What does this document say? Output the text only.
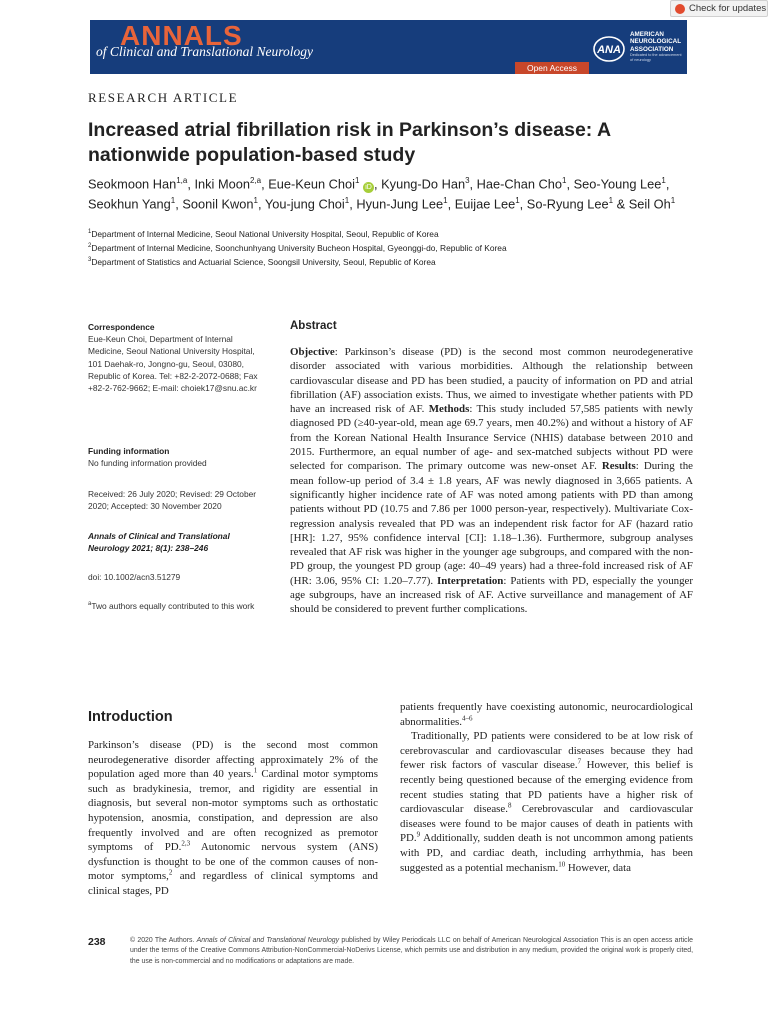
ANNALS
of Clinical and Translational Neurology
Open Access
ANA
AMERICAN NEUROLOGICAL ASSOCIATION
Dedicated to the advancement of neurology
Check for updates
RESEARCH ARTICLE
Increased atrial fibrillation risk in Parkinson’s disease: A nationwide population-based study

Seokmoon Han$^{1,a}$, Inki Moon$^{2,a}$, Eue-Keun Choi$^1$ iD , Kyung-Do Han$^3$, Hae-Chan Cho$^1$, Seo-Young Lee$^1$, Seokhun Yang$^1$, Soonil Kwon$^1$, You-jung Choi$^1$, Hyun-Jung Lee$^1$, Euijae Lee$^1$, So-Ryung Lee$^1$ & Seil Oh$^1$

$^1$Department of Internal Medicine, Seoul National University Hospital, Seoul, Republic of Korea
$^2$Department of Internal Medicine, Soonchunhyang University Bucheon Hospital, Gyeonggi-do, Republic of Korea
$^3$Department of Statistics and Actuarial Science, Soongsil University, Seoul, Republic of Korea
Correspondence
Eue-Keun Choi, Department of Internal Medicine, Seoul National University Hospital, 101 Daehak-ro, Jongno-gu, Seoul, 03080, Republic of Korea. Tel: +82-2-2072-0688; Fax +82-2-762-9662; E-mail: choiek17@snu.ac.kr
Funding information
No funding information provided
Received: 26 July 2020; Revised: 29 October 2020; Accepted: 30 November 2020
Annals of Clinical and Translational Neurology 2021; 8(1): 238–246
doi: 10.1002/acn3.51279
$^a$Two authors equally contributed to this work
Abstract

Objective: Parkinson’s disease (PD) is the second most common neurodegenerative disorder associated with various morbidities. Although the relationship between cardiovascular disease and PD has been studied, a paucity of information on PD and atrial fibrillation (AF) association exists. Thus, we aimed to investigate whether patients with PD have an increased risk of AF. Methods: This study included 57,585 patients with newly diagnosed PD (≥40-year-old, mean age 69.7 years, men 40.2%) and without a history of AF from the Korean National Health Insurance Service (NHIS) database between 2010 and 2015. Furthermore, an equal number of age- and sex-matched subjects without PD were selected for comparison. The primary outcome was new-onset AF. Results: During the mean follow-up period of 3.4 ± 1.8 years, AF was newly diagnosed in 3,665 patients. A significantly higher incidence rate of AF was noted among patients with PD than among patients without PD (10.75 and 7.86 per 1000 person-year, respectively). Multivariate Cox-regression analysis revealed that PD was an independent risk factor for AF (hazard ratio [HR]: 1.27, 95% confidence interval [CI]: 1.18–1.36). Furthermore, subgroup analyses revealed that AF risk was higher in the younger age subgroups, and compared with the non-PD group, the youngest PD group (age: 40–49 years) had a three-fold increased risk of AF (HR: 3.06, 95% CI: 1.20–7.77). Interpretation: Patients with PD, especially the younger age subgroups, have an increased risk of AF. Active surveillance and management of AF should be considered to prevent further complications.

Introduction

Parkinson’s disease (PD) is the second most common neurodegenerative disorder affecting approximately 2% of the population aged more than 40 years.$^1$ Cardinal motor symptoms such as bradykinesia, tremor, and rigidity are essential in diagnosis, but several non-motor symptoms such as orthostatic hypotension, anosmia, constipation, and depression are also frequently involved and are often recognized as premotor symptoms of PD.$^{2,3}$ Autonomic nervous system (ANS) dysfunction is thought to be one of the common causes of non-motor symptoms,$^2$ and regardless of clinical symptoms and clinical stages, PD

patients frequently have coexisting autonomic, neurocardiological abnormalities.$^{4-6}$

Traditionally, PD patients were considered to be at low risk of cerebrovascular and cardiovascular diseases because they had fewer risk factors of vascular disease.$^7$ However, this belief is recently being questioned because of the emerging evidence from recent studies stating that PD patients have a higher risk of cardiovascular disease.$^8$ Cerebrovascular and cardiovascular diseases were found to be major causes of death in patients with PD.$^9$ Additionally, sudden death is not uncommon among patients with PD, and cardiac death, including arrhythmia, has been suggested as a potential mechanism.$^{10}$ However, data

238	© 2020 The Authors. Annals of Clinical and Translational Neurology published by Wiley Periodicals LLC on behalf of American Neurological Association This is an open access article under the terms of the Creative Commons Attribution-NonCommercial-NoDerivs License, which permits use and distribution in any medium, provided the original work is properly cited, the use is non-commercial and no modifications or adaptations are made.
